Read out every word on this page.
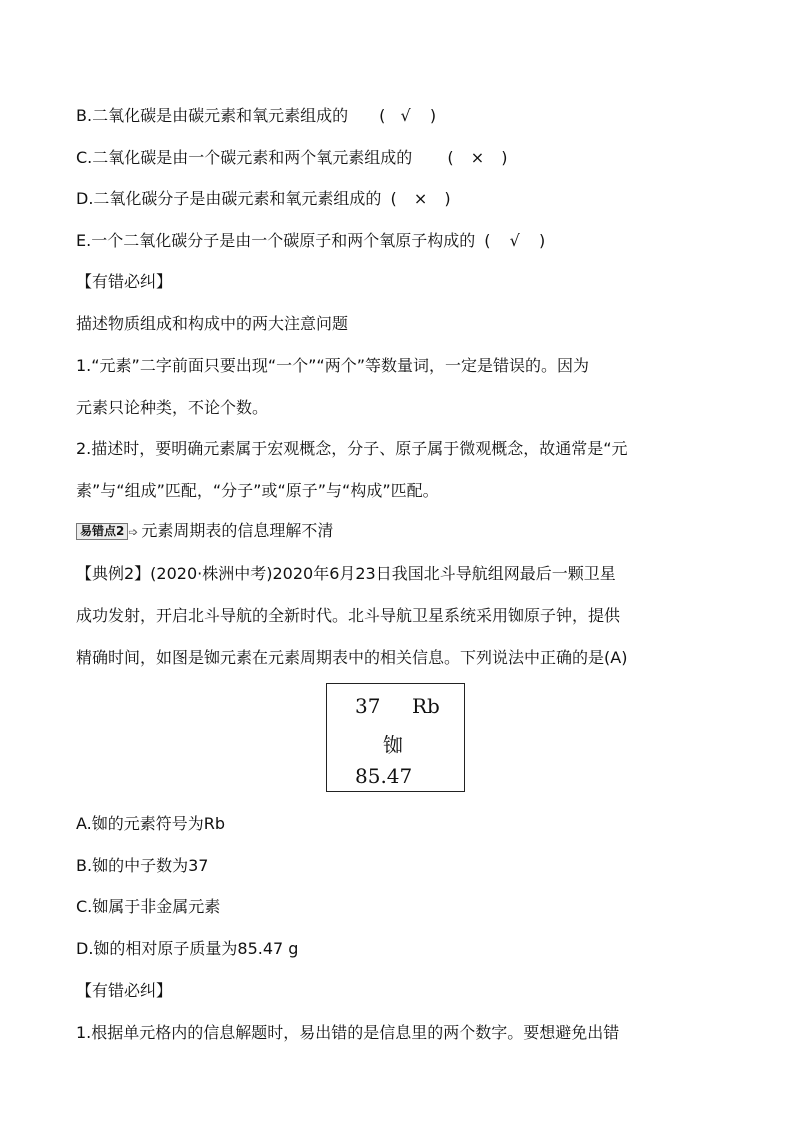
B.二氧化碳是由碳元素和氧元素组成的 ( √ )
C.二氧化碳是由一个碳元素和两个氧元素组成的 ( × )
D.二氧化碳分子是由碳元素和氧元素组成的 ( × )
E.一个二氧化碳分子是由一个碳原子和两个氧原子构成的 ( √ )
【有错必纠】
描述物质组成和构成中的两大注意问题
1.“元素”二字前面只要出现“一个”“两个”等数量词，一定是错误的。因为
元素只论种类，不论个数。
2.描述时，要明确元素属于宏观概念，分子、原子属于微观概念，故通常是“元
素”与“组成”匹配，“分子”或“原子”与“构成”匹配。
易错点2 ➩ 元素周期表的信息理解不清
【典例2】(2020·株洲中考)2020年6月23日我国北斗导航组网最后一颗卫星
成功发射，开启北斗导航的全新时代。北斗导航卫星系统采用铷原子钟，提供
精确时间，如图是铷元素在元素周期表中的相关信息。下列说法中正确的是(A)
37 Rb
铷
85.47
A.铷的元素符号为Rb
B.铷的中子数为37
C.铷属于非金属元素
D.铷的相对原子质量为85.47 g
【有错必纠】
1.根据单元格内的信息解题时，易出错的是信息里的两个数字。要想避免出错
